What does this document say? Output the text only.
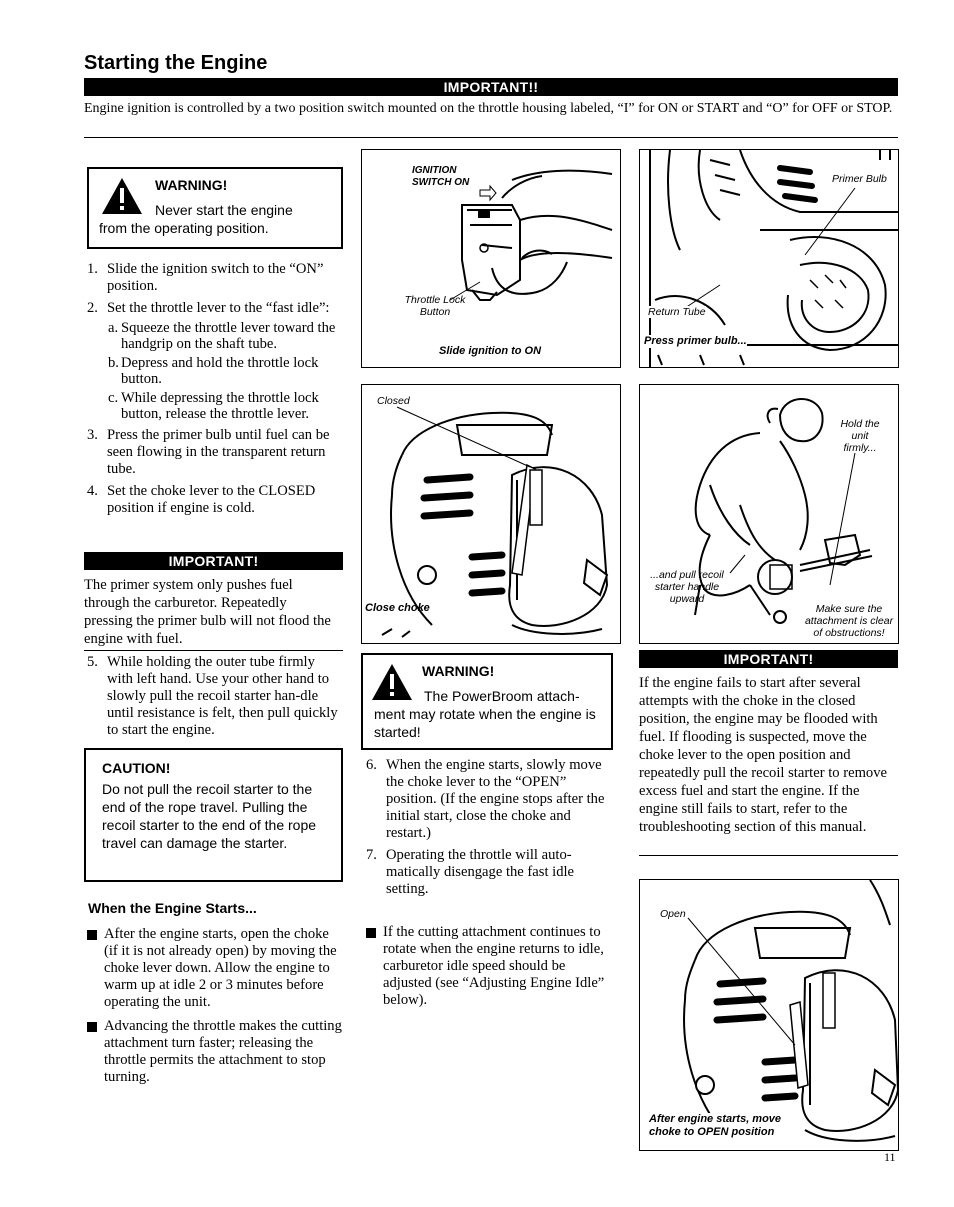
Starting the Engine
IMPORTANT!!
Engine ignition is controlled by a two position switch mounted on the throttle housing labeled, “I” for ON or START and “O” for OFF or STOP.
WARNING!
Never start the engine
from the operating position.
1. Slide the ignition switch to the “ON” position.
2. Set the throttle lever to the “fast idle”:
a. Squeeze the throttle lever toward the handgrip on the shaft tube.
b. Depress and hold the throttle lock button.
c. While depressing the throttle lock button, release the throttle lever.
3. Press the primer bulb until fuel can be seen flowing in the transparent return tube.
4. Set the choke lever to the CLOSED position if engine is cold.
IMPORTANT!
The primer system only pushes fuel through the carburetor. Repeatedly pressing the primer bulb will not flood the engine with fuel.
5. While holding the outer tube firmly with left hand. Use your other hand to slowly pull the recoil starter han-dle until resistance is felt, then pull quickly to start the engine.
CAUTION!
Do not pull the recoil starter to the end of the rope travel. Pulling the recoil starter to the end of the rope travel can damage the starter.
When the Engine Starts...
After the engine starts, open the choke (if it is not already open) by moving the choke lever down. Allow the engine to warm up at idle 2 or 3 minutes before operating the unit.
Advancing the throttle makes the cutting attachment turn faster; releasing the throttle permits the attachment to stop turning.
IGNITION SWITCH ON
Throttle Lock Button
Slide ignition to ON
Closed
Close choke
WARNING!
The PowerBroom attach-
ment may rotate when the engine is started!
6. When the engine starts, slowly move the choke lever to the “OPEN” position. (If the engine stops after the initial start, close the choke and restart.)
7. Operating the throttle will auto-matically disengage the fast idle setting.
If the cutting attachment continues to rotate when the engine returns to idle, carburetor idle speed should be adjusted (see “Adjusting Engine Idle” below).
Primer Bulb
Return Tube
Press primer bulb...
Hold the unit firmly...
...and pull recoil starter handle upward
Make sure the attachment is clear of obstructions!
IMPORTANT!
If the engine fails to start after several attempts with the choke in the closed position, the engine may be flooded with fuel. If flooding is suspected, move the choke lever to the open position and repeatedly pull the recoil starter to remove excess fuel and start the engine. If the engine still fails to start, refer to the troubleshooting section of this manual.
Open
After engine starts, move choke to OPEN position
11
